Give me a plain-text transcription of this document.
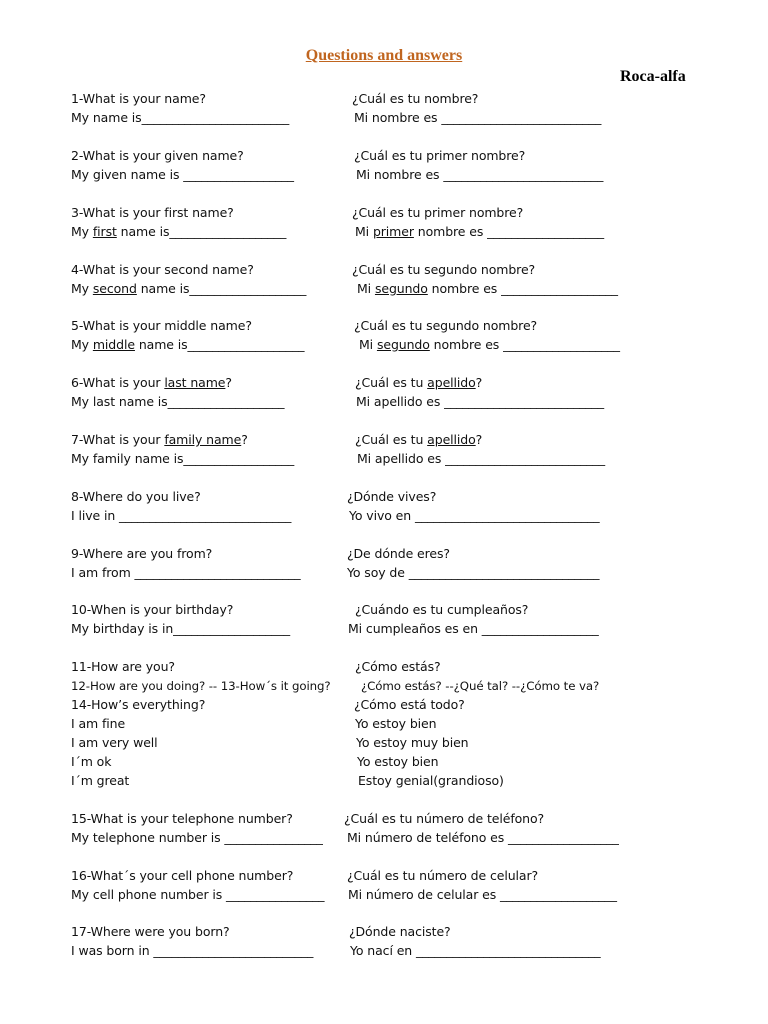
Questions and answers
Roca-alfa
1-What is your name?	¿Cuál es tu nombre?
My name is________________________	Mi nombre es __________________________
2-What is your given name?	¿Cuál es tu primer nombre?
My given name is __________________	Mi nombre es __________________________
3-What is your first name?	¿Cuál es tu primer nombre?
My first name is___________________	Mi primer nombre es ___________________
4-What is your second name?	¿Cuál es tu segundo nombre?
My second name is___________________	Mi segundo nombre es ___________________
5-What is your middle name?	¿Cuál es tu segundo nombre?
My middle name is___________________	Mi segundo nombre es ___________________
6-What is your last name?	¿Cuál es tu apellido?
My last name is___________________	Mi apellido es __________________________
7-What is your family name?	¿Cuál es tu apellido?
My family name is__________________	Mi apellido es __________________________
8-Where do you live?	¿Dónde vives?
I live in ____________________________	Yo vivo en ______________________________
9-Where are you from?	¿De dónde eres?
I am from ___________________________	Yo soy de _______________________________
10-When is your birthday?	¿Cuándo es tu cumpleaños?
My birthday is in___________________	Mi cumpleaños es en ___________________
11-How are you?	¿Cómo estás?
12-How are you doing? -- 13-How´s it going?	¿Cómo estás? --¿Qué tal? --¿Cómo te va?
14-How’s everything?	¿Cómo está todo?
I am fine	Yo estoy bien
I am very well	Yo estoy muy bien
I´m ok	Yo estoy bien
I´m great	Estoy genial(grandioso)
15-What is your telephone number?	¿Cuál es tu número de teléfono?
My telephone number is ________________ Mi número de teléfono es __________________
16-What´s your cell phone number?	¿Cuál es tu número de celular?
My cell phone number is ________________ Mi número de celular es ___________________
17-Where were you born?	¿Dónde naciste?
I was born in __________________________	Yo nací en ______________________________
